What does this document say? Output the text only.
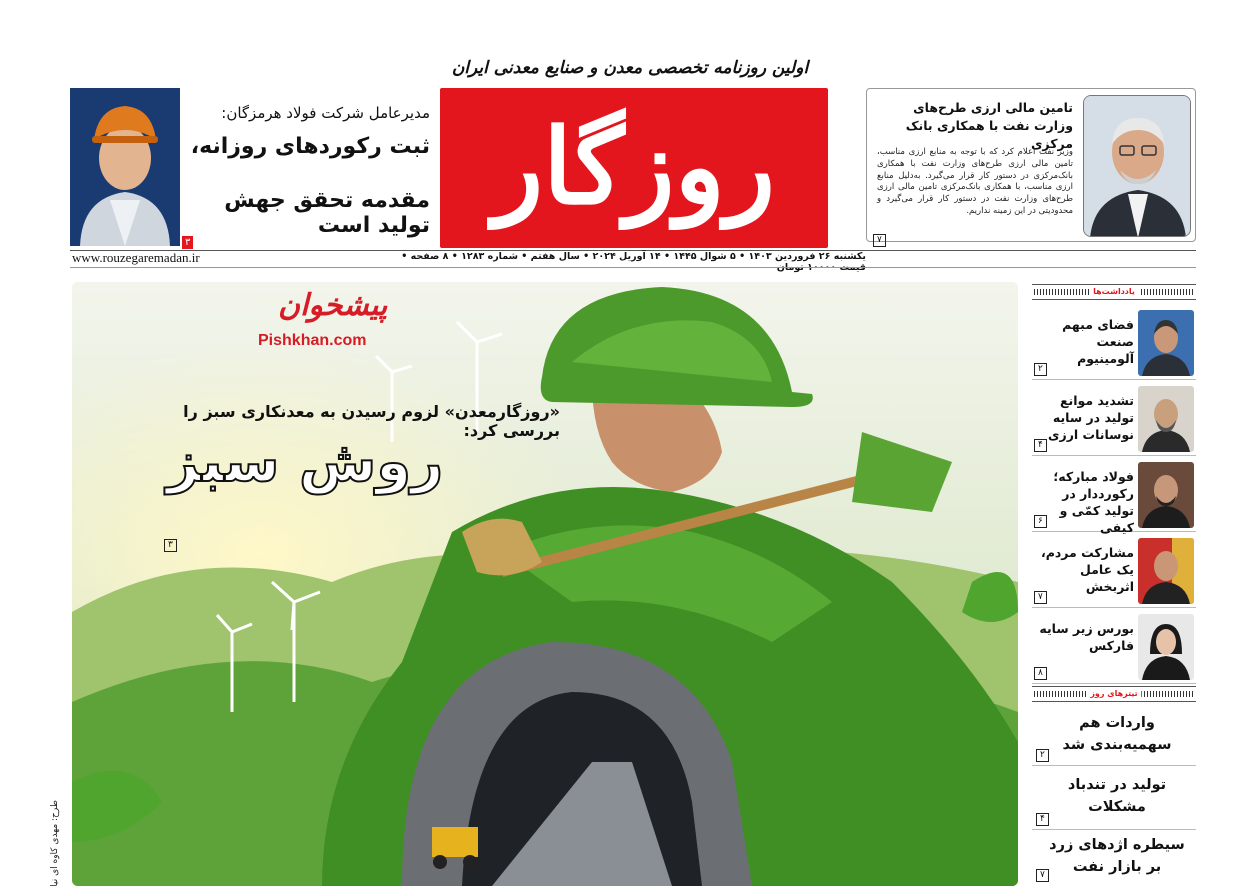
اولین روزنامه تخصصی معدن و صنایع معدنی ایران
روزگار
مدیرعامل شرکت فولاد هرمزگان:
ثبت رکوردهای روزانه،
مقدمه تحقق جهش تولید است
۳
تامین مالی ارزی طرح‌های وزارت نفت با همکاری بانک مرکزی
وزیر نفت اعلام کرد که با توجه به منابع ارزی مناسب، تامین مالی ارزی طرح‌های وزارت نفت با همکاری بانک‌مرکزی در دستور کار قرار می‌گیرد. به‌دلیل منابع ارزی مناسب، با همکاری بانک‌مرکزی تامین مالی ارزی طرح‌های وزارت نفت در دستور کار قرار می‌گیرد و محدودیتی در این زمینه نداریم.
۷
یکشنبه ۲۶ فروردین ۱۴۰۳ • ۵ شوال ۱۴۴۵ • ۱۴ آوریل ۲۰۲۴ • سال هفتم • شماره ۱۲۸۳ • ۸ صفحه •
www.rouzegaremadan.ir
پیشخوان
Pishkhan.com
«روزگارمعدن» لزوم رسیدن به معدنکاری سبز را بررسی کرد:
روش سبز
۳
طرح: مهدی کاوه ای نیا
یادداشت‌ها
فضای مبهم صنعت آلومینیوم
۲
تشدید موانع تولید در سایه نوسانات ارزی
۴
فولاد مبارکه؛ رکورددار در تولید کمّی و کیفی
۶
مشارکت مردم، یک عامل اثربخش
۷
بورس زیر سایه فارکس
۸
تیترهای روز
واردات هم سهمیه‌بندی شد
۲
تولید در تندباد مشکلات
۴
سیطره اژدهای زرد بر بازار نفت
۷
